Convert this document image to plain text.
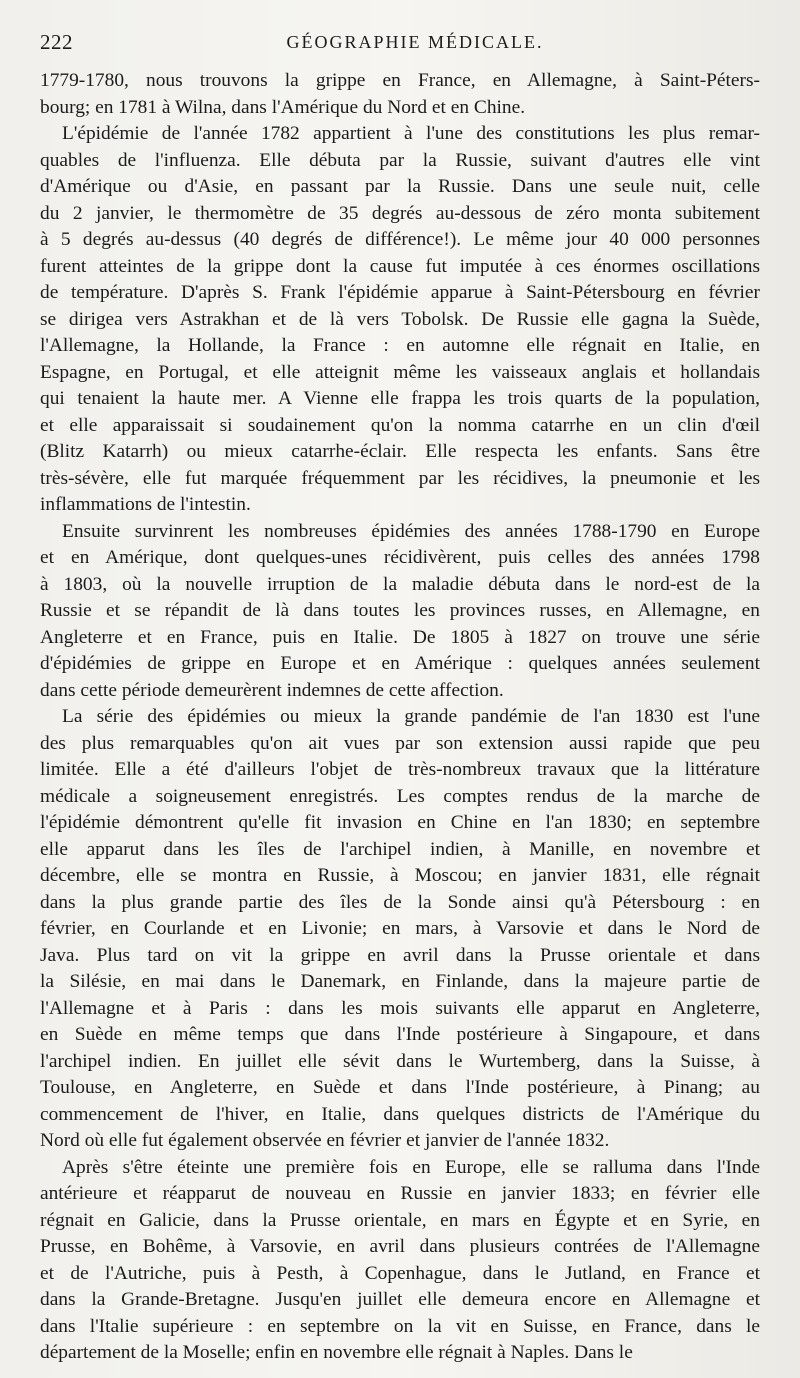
222	GÉOGRAPHIE MÉDICALE.
1779-1780, nous trouvons la grippe en France, en Allemagne, à Saint-Péters-
bourg; en 1781 à Wilna, dans l'Amérique du Nord et en Chine.
L'épidémie de l'année 1782 appartient à l'une des constitutions les plus remar-
quables de l'influenza. Elle débuta par la Russie, suivant d'autres elle vint
d'Amérique ou d'Asie, en passant par la Russie. Dans une seule nuit, celle
du 2 janvier, le thermomètre de 35 degrés au-dessous de zéro monta subitement
à 5 degrés au-dessus (40 degrés de différence!). Le même jour 40 000 personnes
furent atteintes de la grippe dont la cause fut imputée à ces énormes oscillations
de température. D'après S. Frank l'épidémie apparue à Saint-Pétersbourg en février
se dirigea vers Astrakhan et de là vers Tobolsk. De Russie elle gagna la Suède,
l'Allemagne, la Hollande, la France : en automne elle régnait en Italie, en
Espagne, en Portugal, et elle atteignit même les vaisseaux anglais et hollandais
qui tenaient la haute mer. A Vienne elle frappa les trois quarts de la population,
et elle apparaissait si soudainement qu'on la nomma catarrhe en un clin d'œil
(Blitz Katarrh) ou mieux catarrhe-éclair. Elle respecta les enfants. Sans être
très-sévère, elle fut marquée fréquemment par les récidives, la pneumonie et les
inflammations de l'intestin.
Ensuite survinrent les nombreuses épidémies des années 1788-1790 en Europe
et en Amérique, dont quelques-unes récidivèrent, puis celles des années 1798
à 1803, où la nouvelle irruption de la maladie débuta dans le nord-est de la
Russie et se répandit de là dans toutes les provinces russes, en Allemagne, en
Angleterre et en France, puis en Italie. De 1805 à 1827 on trouve une série
d'épidémies de grippe en Europe et en Amérique : quelques années seulement
dans cette période demeurèrent indemnes de cette affection.
La série des épidémies ou mieux la grande pandémie de l'an 1830 est l'une
des plus remarquables qu'on ait vues par son extension aussi rapide que peu
limitée. Elle a été d'ailleurs l'objet de très-nombreux travaux que la littérature
médicale a soigneusement enregistrés. Les comptes rendus de la marche de
l'épidémie démontrent qu'elle fit invasion en Chine en l'an 1830; en septembre
elle apparut dans les îles de l'archipel indien, à Manille, en novembre et
décembre, elle se montra en Russie, à Moscou; en janvier 1831, elle régnait
dans la plus grande partie des îles de la Sonde ainsi qu'à Pétersbourg : en
février, en Courlande et en Livonie; en mars, à Varsovie et dans le Nord de
Java. Plus tard on vit la grippe en avril dans la Prusse orientale et dans
la Silésie, en mai dans le Danemark, en Finlande, dans la majeure partie de
l'Allemagne et à Paris : dans les mois suivants elle apparut en Angleterre,
en Suède en même temps que dans l'Inde postérieure à Singapoure, et dans
l'archipel indien. En juillet elle sévit dans le Wurtemberg, dans la Suisse, à
Toulouse, en Angleterre, en Suède et dans l'Inde postérieure, à Pinang; au
commencement de l'hiver, en Italie, dans quelques districts de l'Amérique du
Nord où elle fut également observée en février et janvier de l'année 1832.
Après s'être éteinte une première fois en Europe, elle se ralluma dans l'Inde
antérieure et réapparut de nouveau en Russie en janvier 1833; en février elle
régnait en Galicie, dans la Prusse orientale, en mars en Égypte et en Syrie, en
Prusse, en Bohême, à Varsovie, en avril dans plusieurs contrées de l'Allemagne
et de l'Autriche, puis à Pesth, à Copenhague, dans le Jutland, en France et
dans la Grande-Bretagne. Jusqu'en juillet elle demeura encore en Allemagne et
dans l'Italie supérieure : en septembre on la vit en Suisse, en France, dans le
département de la Moselle; enfin en novembre elle régnait à Naples. Dans le
